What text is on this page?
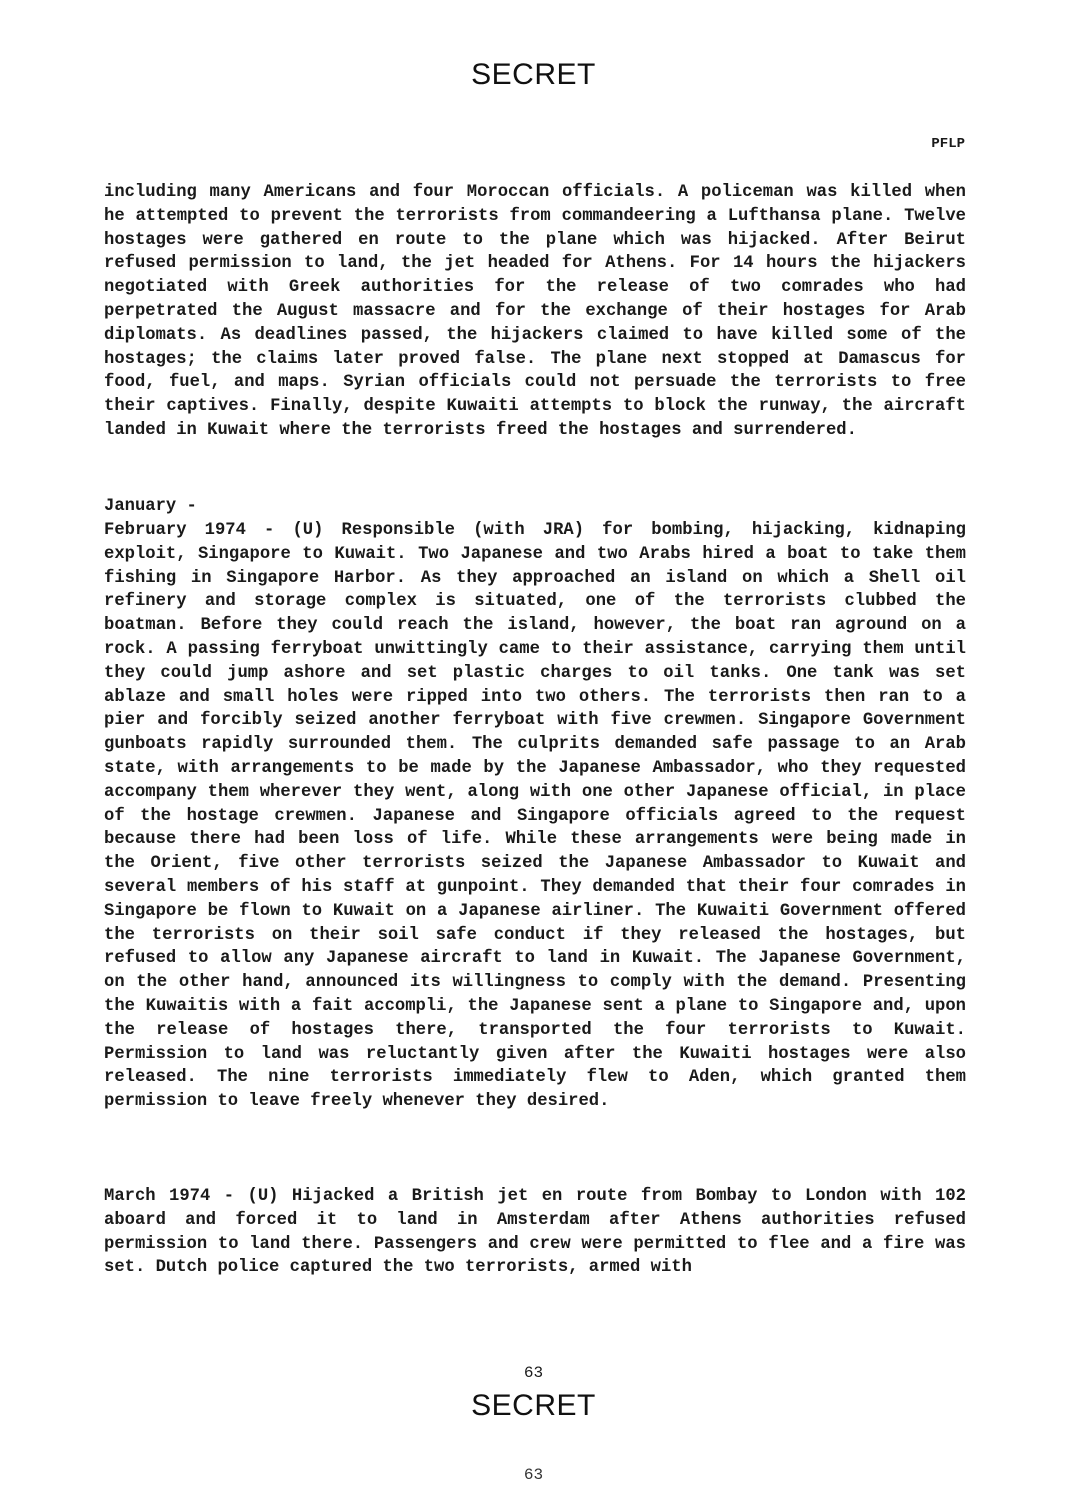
SECRET
PFLP

including many Americans and four Moroccan officials. A policeman was killed when he attempted to prevent the terrorists from commandeering a Lufthansa plane. Twelve hostages were gathered en route to the plane which was hijacked. After Beirut refused permission to land, the jet headed for Athens. For 14 hours the hijackers negotiated with Greek authorities for the release of two comrades who had perpetrated the August massacre and for the exchange of their hostages for Arab diplomats. As deadlines passed, the hijackers claimed to have killed some of the hostages; the claims later proved false. The plane next stopped at Damascus for food, fuel, and maps. Syrian officials could not persuade the terrorists to free their captives. Finally, despite Kuwaiti attempts to block the runway, the aircraft landed in Kuwait where the terrorists freed the hostages and surrendered.

January -

February 1974 - (U) Responsible (with JRA) for bombing, hijacking, kidnaping exploit, Singapore to Kuwait. Two Japanese and two Arabs hired a boat to take them fishing in Singapore Harbor. As they approached an island on which a Shell oil refinery and storage complex is situated, one of the terrorists clubbed the boatman. Before they could reach the island, however, the boat ran aground on a rock. A passing ferryboat unwittingly came to their assistance, carrying them until they could jump ashore and set plastic charges to oil tanks. One tank was set ablaze and small holes were ripped into two others. The terrorists then ran to a pier and forcibly seized another ferryboat with five crewmen. Singapore Government gunboats rapidly surrounded them. The culprits demanded safe passage to an Arab state, with arrangements to be made by the Japanese Ambassador, who they requested accompany them wherever they went, along with one other Japanese official, in place of the hostage crewmen. Japanese and Singapore officials agreed to the request because there had been loss of life. While these arrangements were being made in the Orient, five other terrorists seized the Japanese Ambassador to Kuwait and several members of his staff at gunpoint. They demanded that their four comrades in Singapore be flown to Kuwait on a Japanese airliner. The Kuwaiti Government offered the terrorists on their soil safe conduct if they released the hostages, but refused to allow any Japanese aircraft to land in Kuwait. The Japanese Government, on the other hand, announced its willingness to comply with the demand. Presenting the Kuwaitis with a fait accompli, the Japanese sent a plane to Singapore and, upon the release of hostages there, transported the four terrorists to Kuwait. Permission to land was reluctantly given after the Kuwaiti hostages were also released. The nine terrorists immediately flew to Aden, which granted them permission to leave freely whenever they desired.

March 1974 - (U) Hijacked a British jet en route from Bombay to London with 102 aboard and forced it to land in Amsterdam after Athens authorities refused permission to land there. Passengers and crew were permitted to flee and a fire was set. Dutch police captured the two terrorists, armed with

63
SECRET
63
